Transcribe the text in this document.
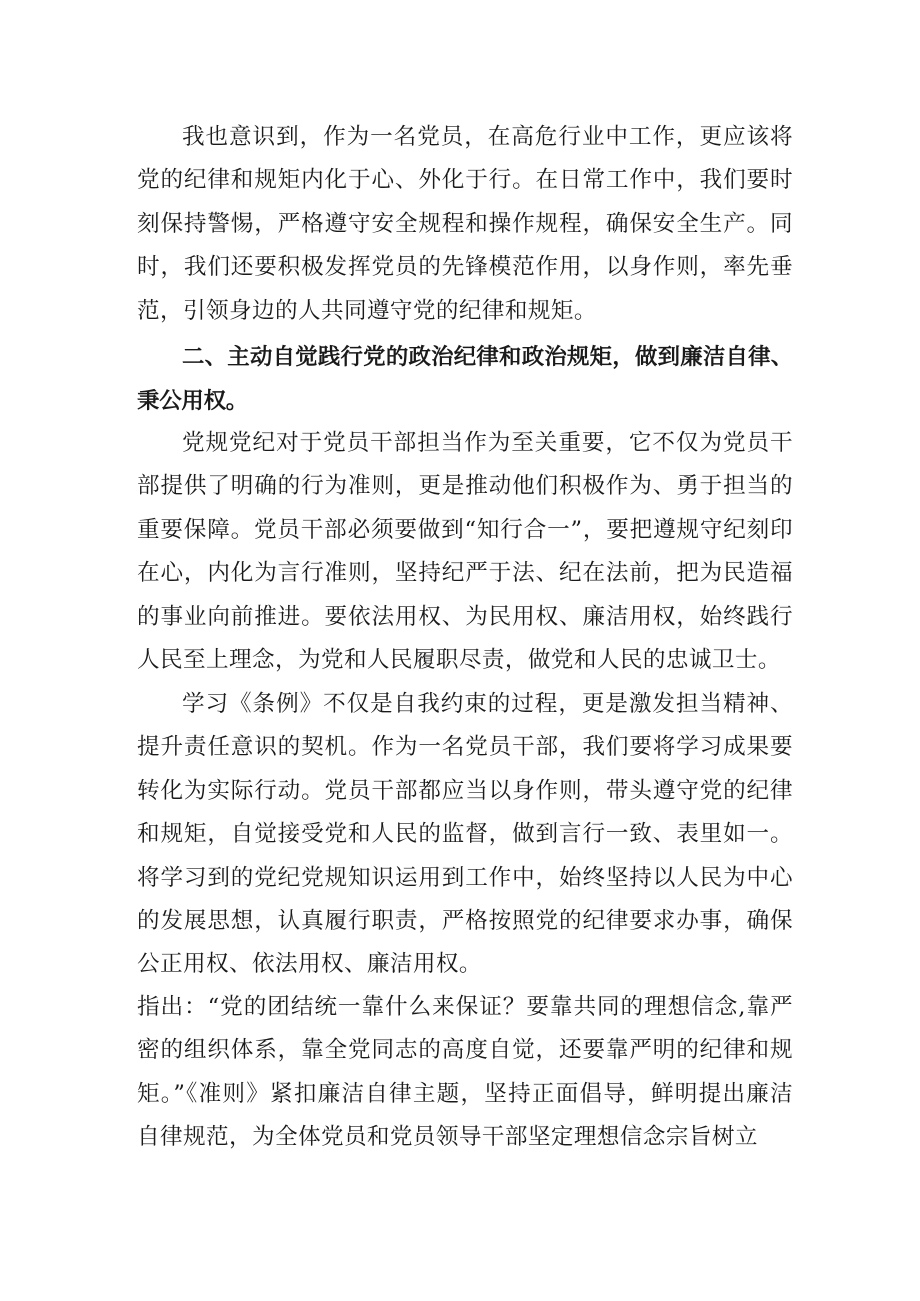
我也意识到，作为一名党员，在高危行业中工作，更应该将党的纪律和规矩内化于心、外化于行。在日常工作中，我们要时刻保持警惕，严格遵守安全规程和操作规程，确保安全生产。同时，我们还要积极发挥党员的先锋模范作用，以身作则，率先垂范，引领身边的人共同遵守党的纪律和规矩。

二、主动自觉践行党的政治纪律和政治规矩，做到廉洁自律、秉公用权。

党规党纪对于党员干部担当作为至关重要，它不仅为党员干部提供了明确的行为准则，更是推动他们积极作为、勇于担当的重要保障。党员干部必须要做到“知行合一”，要把遵规守纪刻印在心，内化为言行准则，坚持纪严于法、纪在法前，把为民造福的事业向前推进。要依法用权、为民用权、廉洁用权，始终践行人民至上理念，为党和人民履职尽责，做党和人民的忠诚卫士。

学习《条例》不仅是自我约束的过程，更是激发担当精神、提升责任意识的契机。作为一名党员干部，我们要将学习成果要转化为实际行动。党员干部都应当以身作则，带头遵守党的纪律和规矩，自觉接受党和人民的监督，做到言行一致、表里如一。将学习到的党纪党规知识运用到工作中，始终坚持以人民为中心的发展思想，认真履行职责，严格按照党的纪律要求办事，确保公正用权、依法用权、廉洁用权。

指出：“党的团结统一靠什么来保证？要靠共同的理想信念,靠严密的组织体系，靠全党同志的高度自觉，还要靠严明的纪律和规矩。”《准则》紧扣廉洁自律主题，坚持正面倡导，鲜明提出廉洁自律规范，为全体党员和党员领导干部坚定理想信念宗旨树立
